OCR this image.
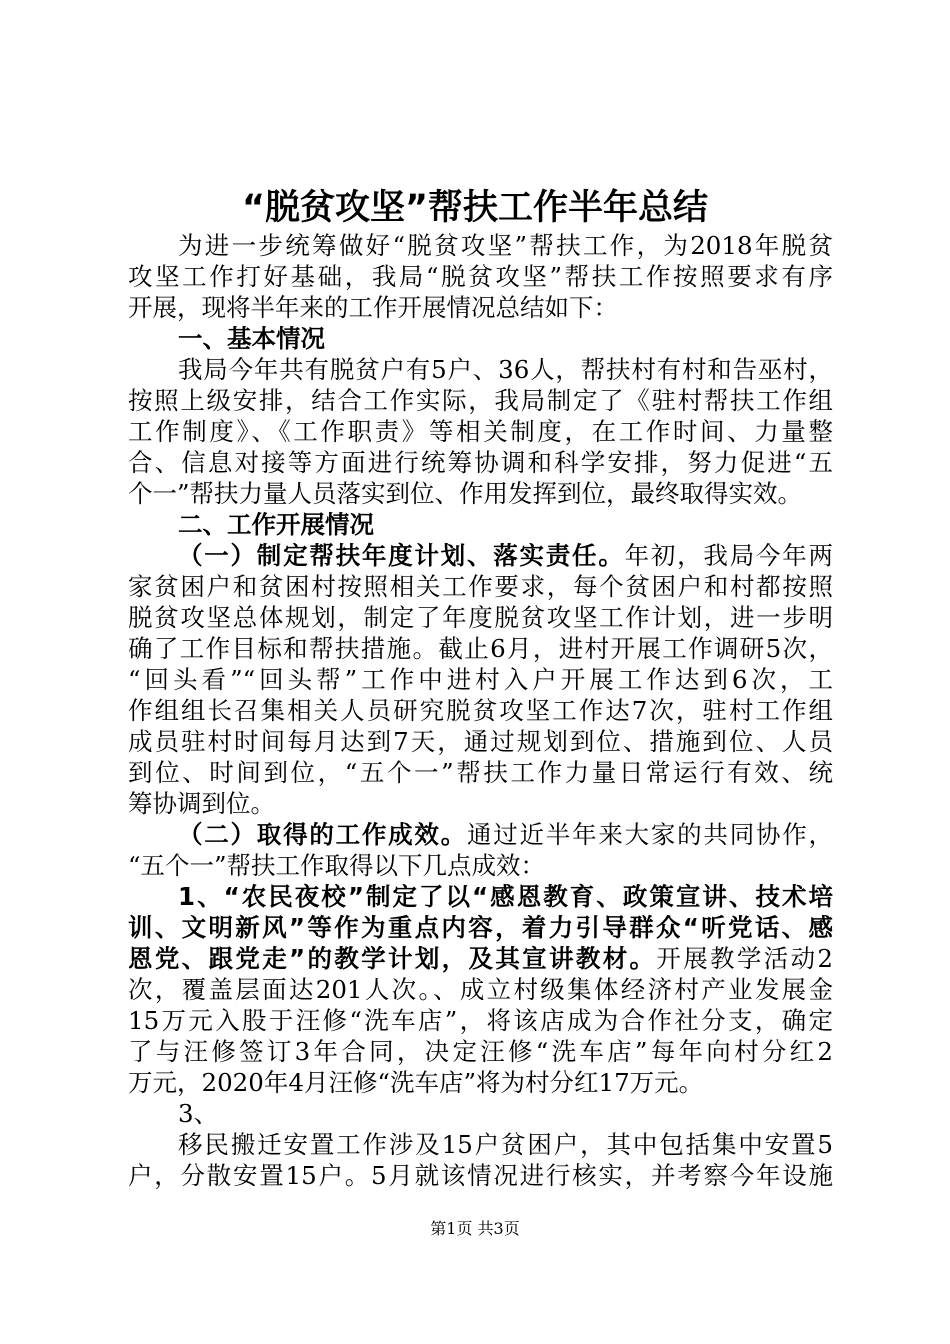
“脱贫攻坚”帮扶工作半年总结
为进一步统筹做好“脱贫攻坚”帮扶工作，为2018年脱贫
攻坚工作打好基础，我局“脱贫攻坚”帮扶工作按照要求有序
开展，现将半年来的工作开展情况总结如下：
一、基本情况
我局今年共有脱贫户有5户、36人，帮扶村有村和告巫村，
按照上级安排，结合工作实际，我局制定了《驻村帮扶工作组
工作制度》、《工作职责》等相关制度，在工作时间、力量整
合、信息对接等方面进行统筹协调和科学安排，努力促进“五
个一”帮扶力量人员落实到位、作用发挥到位，最终取得实效。
二、工作开展情况
（一）制定帮扶年度计划、落实责任。年初，我局今年两
家贫困户和贫困村按照相关工作要求，每个贫困户和村都按照
脱贫攻坚总体规划，制定了年度脱贫攻坚工作计划，进一步明
确了工作目标和帮扶措施。截止6月，进村开展工作调研5次，
“回头看”“回头帮”工作中进村入户开展工作达到6次，工
作组组长召集相关人员研究脱贫攻坚工作达7次，驻村工作组
成员驻村时间每月达到7天，通过规划到位、措施到位、人员
到位、时间到位，“五个一”帮扶工作力量日常运行有效、统
筹协调到位。
（二）取得的工作成效。通过近半年来大家的共同协作，
“五个一”帮扶工作取得以下几点成效：
1、“农民夜校”制定了以“感恩教育、政策宣讲、技术培
训、文明新风”等作为重点内容，着力引导群众“听党话、感
恩党、跟党走”的教学计划，及其宣讲教材。开展教学活动2
次，覆盖层面达201人次。、成立村级集体经济村产业发展金
15万元入股于汪修“洗车店”，将该店成为合作社分支，确定
了与汪修签订3年合同，决定汪修“洗车店”每年向村分红2
万元，2020年4月汪修“洗车店”将为村分红17万元。
3、
移民搬迁安置工作涉及15户贫困户，其中包括集中安置5
户，分散安置15户。5月就该情况进行核实，并考察今年设施
第1页 共3页
